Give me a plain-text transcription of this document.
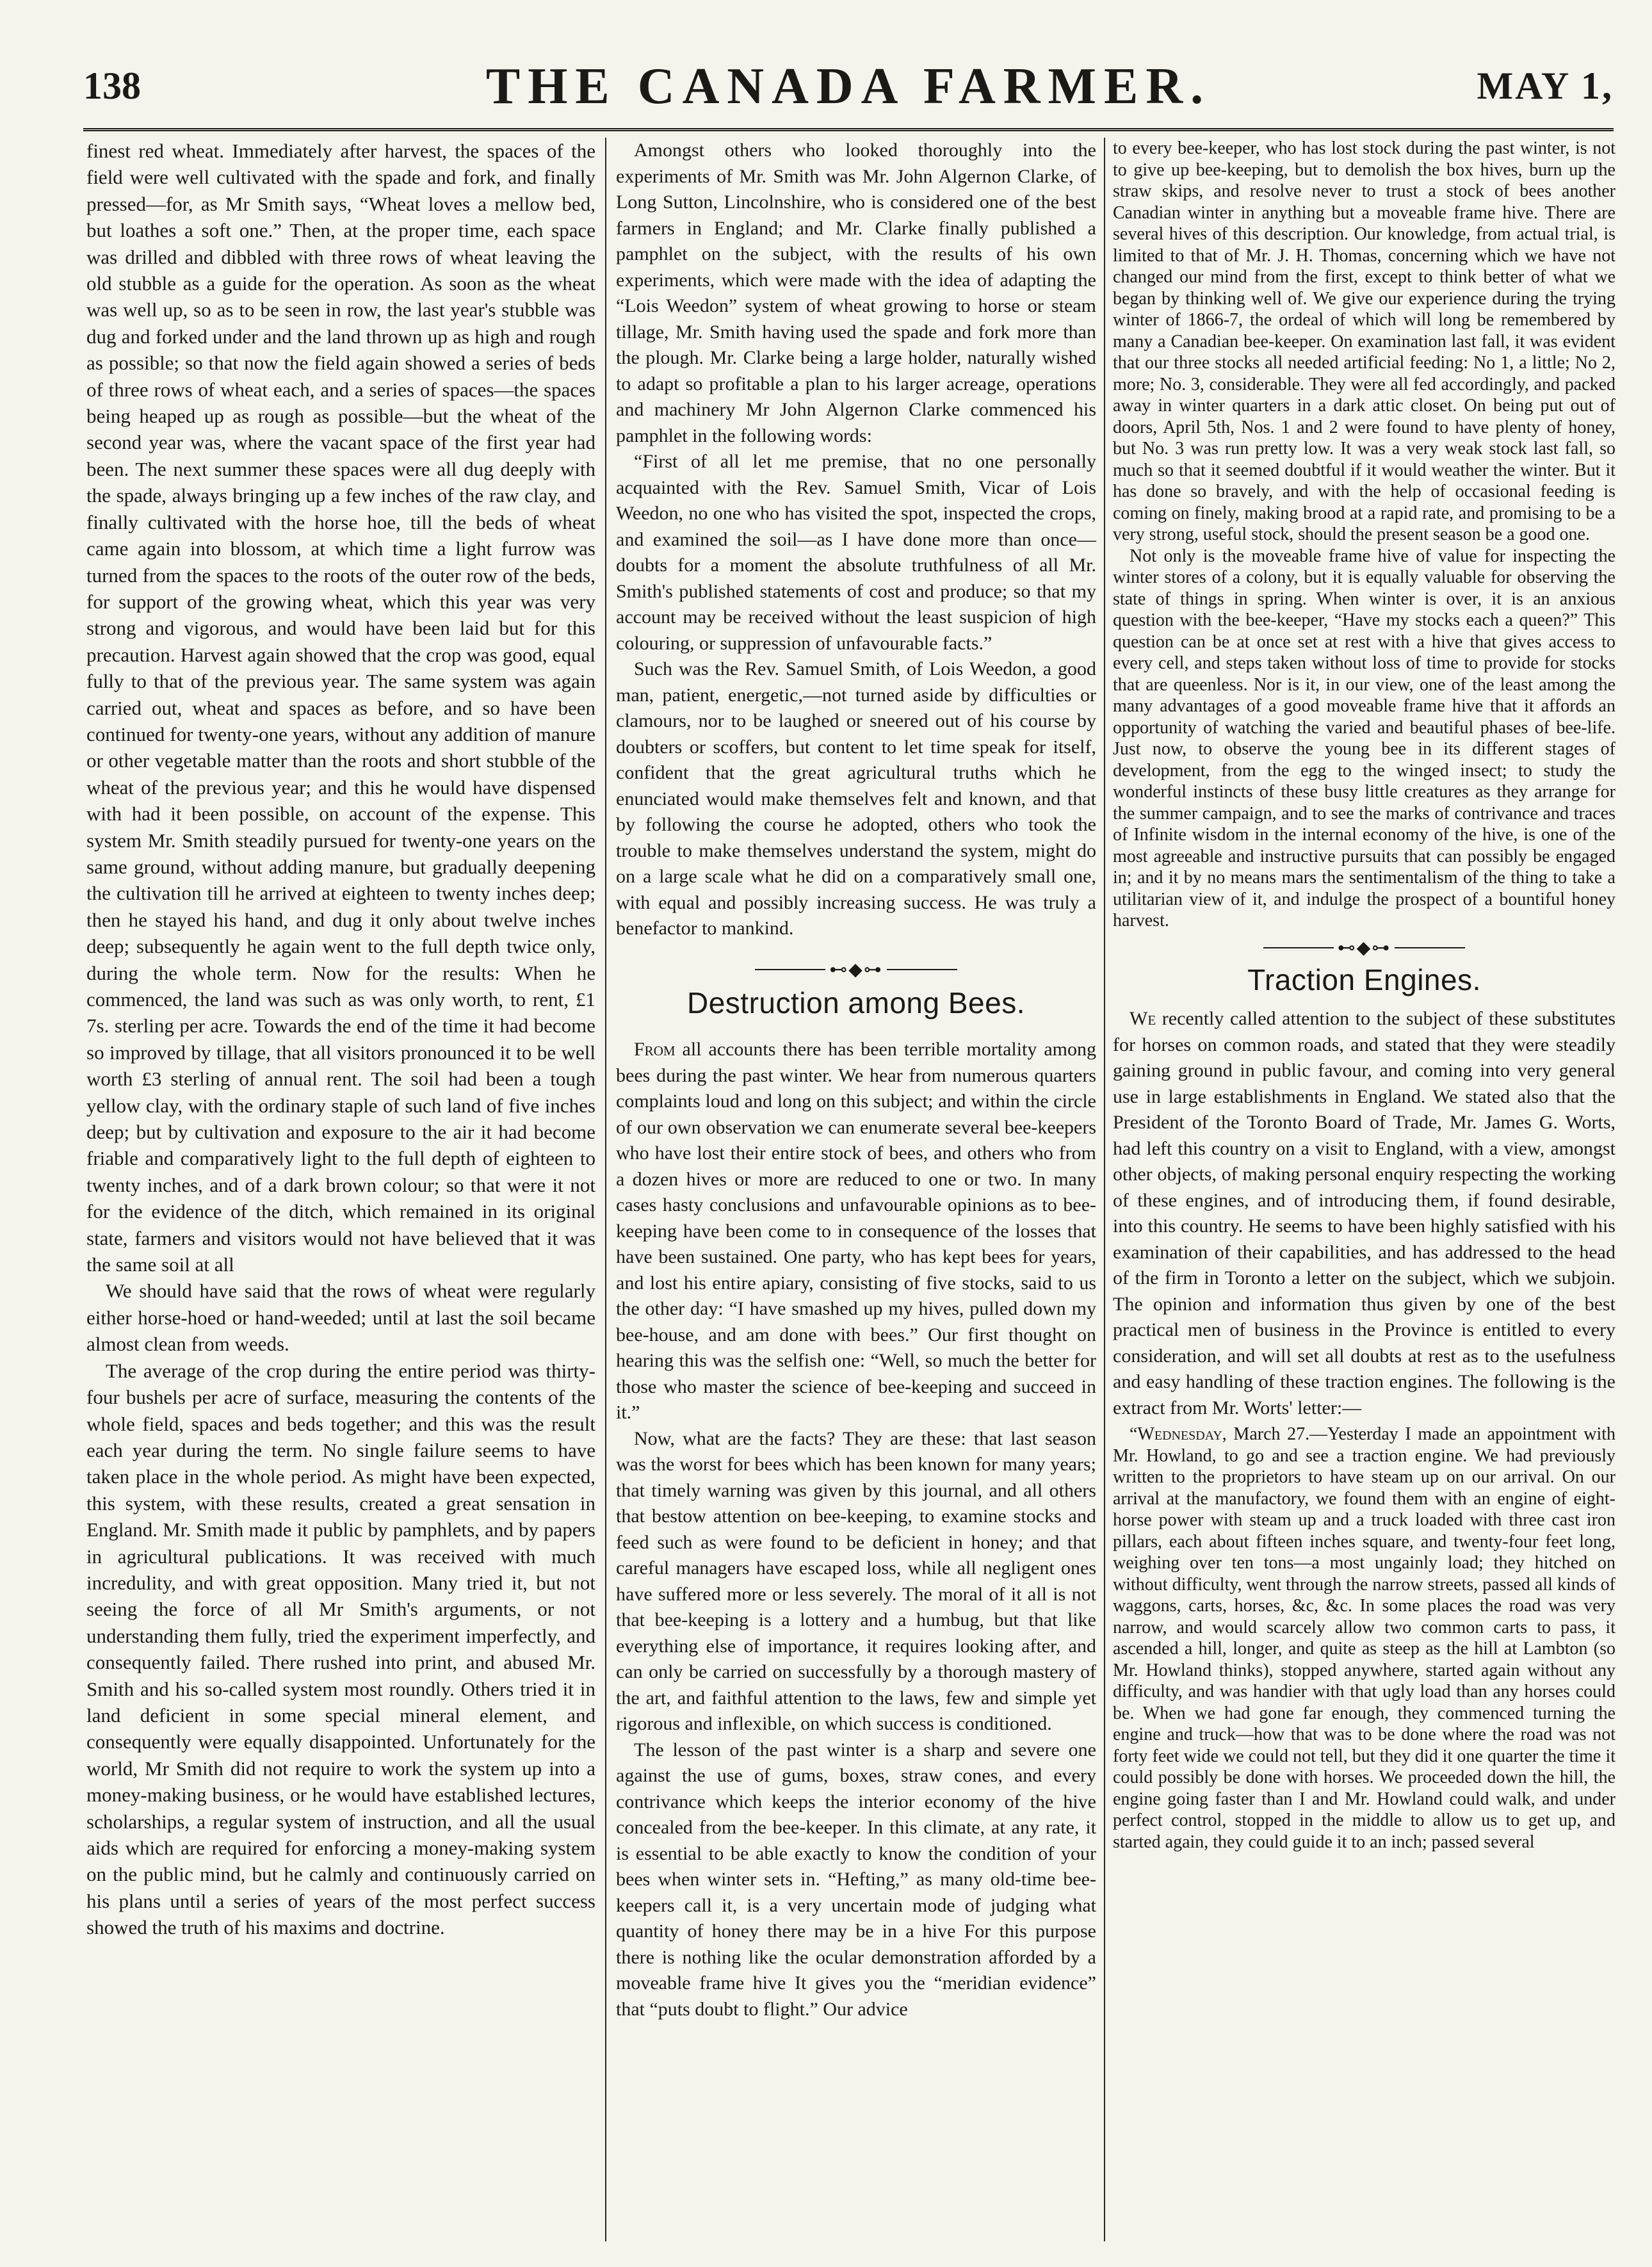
138	THE CANADA FARMER.	MAY 1,

finest red wheat. Immediately after harvest, the spaces of the field were well cultivated with the spade and fork, and finally pressed—for, as Mr Smith says, “Wheat loves a mellow bed, but loathes a soft one.” Then, at the proper time, each space was drilled and dibbled with three rows of wheat leaving the old stubble as a guide for the operation. As soon as the wheat was well up, so as to be seen in row, the last year's stubble was dug and forked under and the land thrown up as high and rough as possible; so that now the field again showed a series of beds of three rows of wheat each, and a series of spaces—the spaces being heaped up as rough as possible—but the wheat of the second year was, where the vacant space of the first year had been. The next summer these spaces were all dug deeply with the spade, always bringing up a few inches of the raw clay, and finally cultivated with the horse hoe, till the beds of wheat came again into blossom, at which time a light furrow was turned from the spaces to the roots of the outer row of the beds, for support of the growing wheat, which this year was very strong and vigorous, and would have been laid but for this precaution. Harvest again showed that the crop was good, equal fully to that of the previous year. The same system was again carried out, wheat and spaces as before, and so have been continued for twenty-one years, without any addition of manure or other vegetable matter than the roots and short stubble of the wheat of the previous year; and this he would have dispensed with had it been possible, on account of the expense. This system Mr. Smith steadily pursued for twenty-one years on the same ground, without adding manure, but gradually deepening the cultivation till he arrived at eighteen to twenty inches deep; then he stayed his hand, and dug it only about twelve inches deep; subsequently he again went to the full depth twice only, during the whole term. Now for the results: When he commenced, the land was such as was only worth, to rent, £1 7s. sterling per acre. Towards the end of the time it had become so improved by tillage, that all visitors pronounced it to be well worth £3 sterling of annual rent. The soil had been a tough yellow clay, with the ordinary staple of such land of five inches deep; but by cultivation and exposure to the air it had become friable and comparatively light to the full depth of eighteen to twenty inches, and of a dark brown colour; so that were it not for the evidence of the ditch, which remained in its original state, farmers and visitors would not have believed that it was the same soil at all

We should have said that the rows of wheat were regularly either horse-hoed or hand-weeded; until at last the soil became almost clean from weeds.

The average of the crop during the entire period was thirty-four bushels per acre of surface, measuring the contents of the whole field, spaces and beds together; and this was the result each year during the term. No single failure seems to have taken place in the whole period. As might have been expected, this system, with these results, created a great sensation in England. Mr. Smith made it public by pamphlets, and by papers in agricultural publications. It was received with much incredulity, and with great opposition. Many tried it, but not seeing the force of all Mr Smith's arguments, or not understanding them fully, tried the experiment imperfectly, and consequently failed. There rushed into print, and abused Mr. Smith and his so-called system most roundly. Others tried it in land deficient in some special mineral element, and consequently were equally disappointed. Unfortunately for the world, Mr Smith did not require to work the system up into a money-making business, or he would have established lectures, scholarships, a regular system of instruction, and all the usual aids which are required for enforcing a money-making system on the public mind, but he calmly and continuously carried on his plans until a series of years of the most perfect success showed the truth of his maxims and doctrine.

Amongst others who looked thoroughly into the experiments of Mr. Smith was Mr. John Algernon Clarke, of Long Sutton, Lincolnshire, who is considered one of the best farmers in England; and Mr. Clarke finally published a pamphlet on the subject, with the results of his own experiments, which were made with the idea of adapting the “Lois Weedon” system of wheat growing to horse or steam tillage, Mr. Smith having used the spade and fork more than the plough. Mr. Clarke being a large holder, naturally wished to adapt so profitable a plan to his larger acreage, operations and machinery Mr John Algernon Clarke commenced his pamphlet in the following words:

“First of all let me premise, that no one personally acquainted with the Rev. Samuel Smith, Vicar of Lois Weedon, no one who has visited the spot, inspected the crops, and examined the soil—as I have done more than once—doubts for a moment the absolute truthfulness of all Mr. Smith's published statements of cost and produce; so that my account may be received without the least suspicion of high colouring, or suppression of unfavourable facts.”

Such was the Rev. Samuel Smith, of Lois Weedon, a good man, patient, energetic,—not turned aside by difficulties or clamours, nor to be laughed or sneered out of his course by doubters or scoffers, but content to let time speak for itself, confident that the great agricultural truths which he enunciated would make themselves felt and known, and that by following the course he adopted, others who took the trouble to make themselves understand the system, might do on a large scale what he did on a comparatively small one, with equal and possibly increasing success. He was truly a benefactor to mankind.

⊷◆⊶
Destruction among Bees.

From all accounts there has been terrible mortality among bees during the past winter. We hear from numerous quarters complaints loud and long on this subject; and within the circle of our own observation we can enumerate several bee-keepers who have lost their entire stock of bees, and others who from a dozen hives or more are reduced to one or two. In many cases hasty conclusions and unfavourable opinions as to bee-keeping have been come to in consequence of the losses that have been sustained. One party, who has kept bees for years, and lost his entire apiary, consisting of five stocks, said to us the other day: “I have smashed up my hives, pulled down my bee-house, and am done with bees.” Our first thought on hearing this was the selfish one: “Well, so much the better for those who master the science of bee-keeping and succeed in it.”

Now, what are the facts? They are these: that last season was the worst for bees which has been known for many years; that timely warning was given by this journal, and all others that bestow attention on bee-keeping, to examine stocks and feed such as were found to be deficient in honey; and that careful managers have escaped loss, while all negligent ones have suffered more or less severely. The moral of it all is not that bee-keeping is a lottery and a humbug, but that like everything else of importance, it requires looking after, and can only be carried on successfully by a thorough mastery of the art, and faithful attention to the laws, few and simple yet rigorous and inflexible, on which success is conditioned.

The lesson of the past winter is a sharp and severe one against the use of gums, boxes, straw cones, and every contrivance which keeps the interior economy of the hive concealed from the bee-keeper. In this climate, at any rate, it is essential to be able exactly to know the condition of your bees when winter sets in. “Hefting,” as many old-time bee-keepers call it, is a very uncertain mode of judging what quantity of honey there may be in a hive For this purpose there is nothing like the ocular demonstration afforded by a moveable frame hive It gives you the “meridian evidence” that “puts doubt to flight.” Our advice

to every bee-keeper, who has lost stock during the past winter, is not to give up bee-keeping, but to demolish the box hives, burn up the straw skips, and resolve never to trust a stock of bees another Canadian winter in anything but a moveable frame hive. There are several hives of this description. Our knowledge, from actual trial, is limited to that of Mr. J. H. Thomas, concerning which we have not changed our mind from the first, except to think better of what we began by thinking well of. We give our experience during the trying winter of 1866-7, the ordeal of which will long be remembered by many a Canadian bee-keeper. On examination last fall, it was evident that our three stocks all needed artificial feeding: No 1, a little; No 2, more; No. 3, considerable. They were all fed accordingly, and packed away in winter quarters in a dark attic closet. On being put out of doors, April 5th, Nos. 1 and 2 were found to have plenty of honey, but No. 3 was run pretty low. It was a very weak stock last fall, so much so that it seemed doubtful if it would weather the winter. But it has done so bravely, and with the help of occasional feeding is coming on finely, making brood at a rapid rate, and promising to be a very strong, useful stock, should the present season be a good one.

Not only is the moveable frame hive of value for inspecting the winter stores of a colony, but it is equally valuable for observing the state of things in spring. When winter is over, it is an anxious question with the bee-keeper, “Have my stocks each a queen?” This question can be at once set at rest with a hive that gives access to every cell, and steps taken without loss of time to provide for stocks that are queenless. Nor is it, in our view, one of the least among the many advantages of a good moveable frame hive that it affords an opportunity of watching the varied and beautiful phases of bee-life. Just now, to observe the young bee in its different stages of development, from the egg to the winged insect; to study the wonderful instincts of these busy little creatures as they arrange for the summer campaign, and to see the marks of contrivance and traces of Infinite wisdom in the internal economy of the hive, is one of the most agreeable and instructive pursuits that can possibly be engaged in; and it by no means mars the sentimentalism of the thing to take a utilitarian view of it, and indulge the prospect of a bountiful honey harvest.

⊷◆⊶
Traction Engines.

We recently called attention to the subject of these substitutes for horses on common roads, and stated that they were steadily gaining ground in public favour, and coming into very general use in large establishments in England. We stated also that the President of the Toronto Board of Trade, Mr. James G. Worts, had left this country on a visit to England, with a view, amongst other objects, of making personal enquiry respecting the working of these engines, and of introducing them, if found desirable, into this country. He seems to have been highly satisfied with his examination of their capabilities, and has addressed to the head of the firm in Toronto a letter on the subject, which we subjoin. The opinion and information thus given by one of the best practical men of business in the Province is entitled to every consideration, and will set all doubts at rest as to the usefulness and easy handling of these traction engines. The following is the extract from Mr. Worts' letter:—

“Wednesday, March 27.—Yesterday I made an appointment with Mr. Howland, to go and see a traction engine. We had previously written to the proprietors to have steam up on our arrival. On our arrival at the manufactory, we found them with an engine of eight-horse power with steam up and a truck loaded with three cast iron pillars, each about fifteen inches square, and twenty-four feet long, weighing over ten tons—a most ungainly load; they hitched on without difficulty, went through the narrow streets, passed all kinds of waggons, carts, horses, &c, &c. In some places the road was very narrow, and would scarcely allow two common carts to pass, it ascended a hill, longer, and quite as steep as the hill at Lambton (so Mr. Howland thinks), stopped anywhere, started again without any difficulty, and was handier with that ugly load than any horses could be. When we had gone far enough, they commenced turning the engine and truck—how that was to be done where the road was not forty feet wide we could not tell, but they did it one quarter the time it could possibly be done with horses. We proceeded down the hill, the engine going faster than I and Mr. Howland could walk, and under perfect control, stopped in the middle to allow us to get up, and started again, they could guide it to an inch; passed several
